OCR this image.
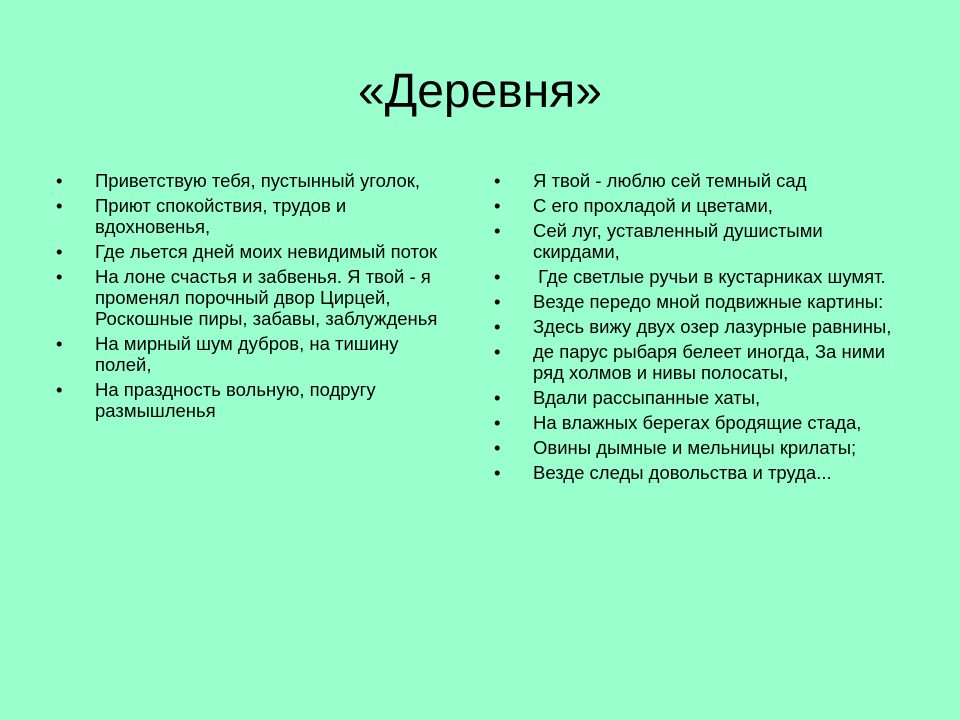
«Деревня»
•	Приветствую тебя, пустынный уголок,
•	Приют спокойствия, трудов и вдохновенья,
•	Где льется дней моих невидимый поток
•	На лоне счастья и забвенья. Я твой - я променял порочный двор Цирцей, Роскошные пиры, забавы, заблужденья
•	На мирный шум дубров, на тишину полей,
•	На праздность вольную, подругу размышленья
•	Я твой - люблю сей темный сад
•	С его прохладой и цветами,
•	Сей луг, уставленный душистыми скирдами,
•	Где светлые ручьи в кустарниках шумят.
•	Везде передо мной подвижные картины:
•	Здесь вижу двух озер лазурные равнины,
•	де парус рыбаря белеет иногда, За ними ряд холмов и нивы полосаты,
•	Вдали рассыпанные хаты,
•	На влажных берегах бродящие стада,
•	Овины дымные и мельницы крилаты;
•	Везде следы довольства и труда...
